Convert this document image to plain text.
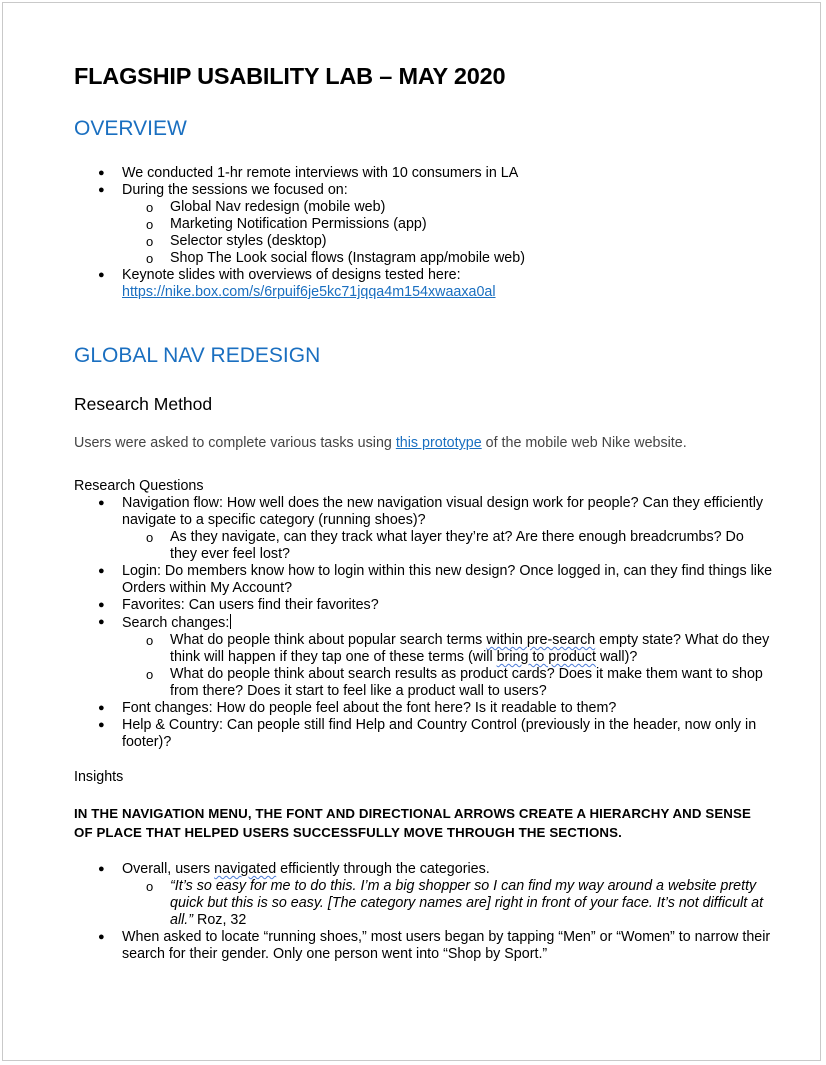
FLAGSHIP USABILITY LAB – MAY 2020
OVERVIEW
● We conducted 1-hr remote interviews with 10 consumers in LA
● During the sessions we focused on:
o Global Nav redesign (mobile web)
o Marketing Notification Permissions (app)
o Selector styles (desktop)
o Shop The Look social flows (Instagram app/mobile web)
● Keynote slides with overviews of designs tested here:
https://nike.box.com/s/6rpuif6je5kc71jqqa4m154xwaaxa0al
GLOBAL NAV REDESIGN
Research Method

Users were asked to complete various tasks using this prototype of the mobile web Nike website.

Research Questions

● Navigation flow: How well does the new navigation visual design work for people? Can they efficiently navigate to a specific category (running shoes)?
o As they navigate, can they track what layer they’re at? Are there enough breadcrumbs? Do they ever feel lost?
● Login: Do members know how to login within this new design? Once logged in, can they find things like Orders within My Account?
● Favorites: Can users find their favorites?
● Search changes:
o What do people think about popular search terms within pre-search empty state? What do they think will happen if they tap one of these terms (will bring to product wall)?
o What do people think about search results as product cards? Does it make them want to shop from there? Does it start to feel like a product wall to users?
● Font changes: How do people feel about the font here? Is it readable to them?
● Help & Country: Can people still find Help and Country Control (previously in the header, now only in footer)?

Insights

IN THE NAVIGATION MENU, THE FONT AND DIRECTIONAL ARROWS CREATE A HIERARCHY AND SENSE OF PLACE THAT HELPED USERS SUCCESSFULLY MOVE THROUGH THE SECTIONS.

● Overall, users navigated efficiently through the categories.
o “It’s so easy for me to do this. I’m a big shopper so I can find my way around a website pretty quick but this is so easy. [The category names are] right in front of your face. It’s not difficult at all.” Roz, 32
● When asked to locate “running shoes,” most users began by tapping “Men” or “Women” to narrow their search for their gender. Only one person went into “Shop by Sport.”
